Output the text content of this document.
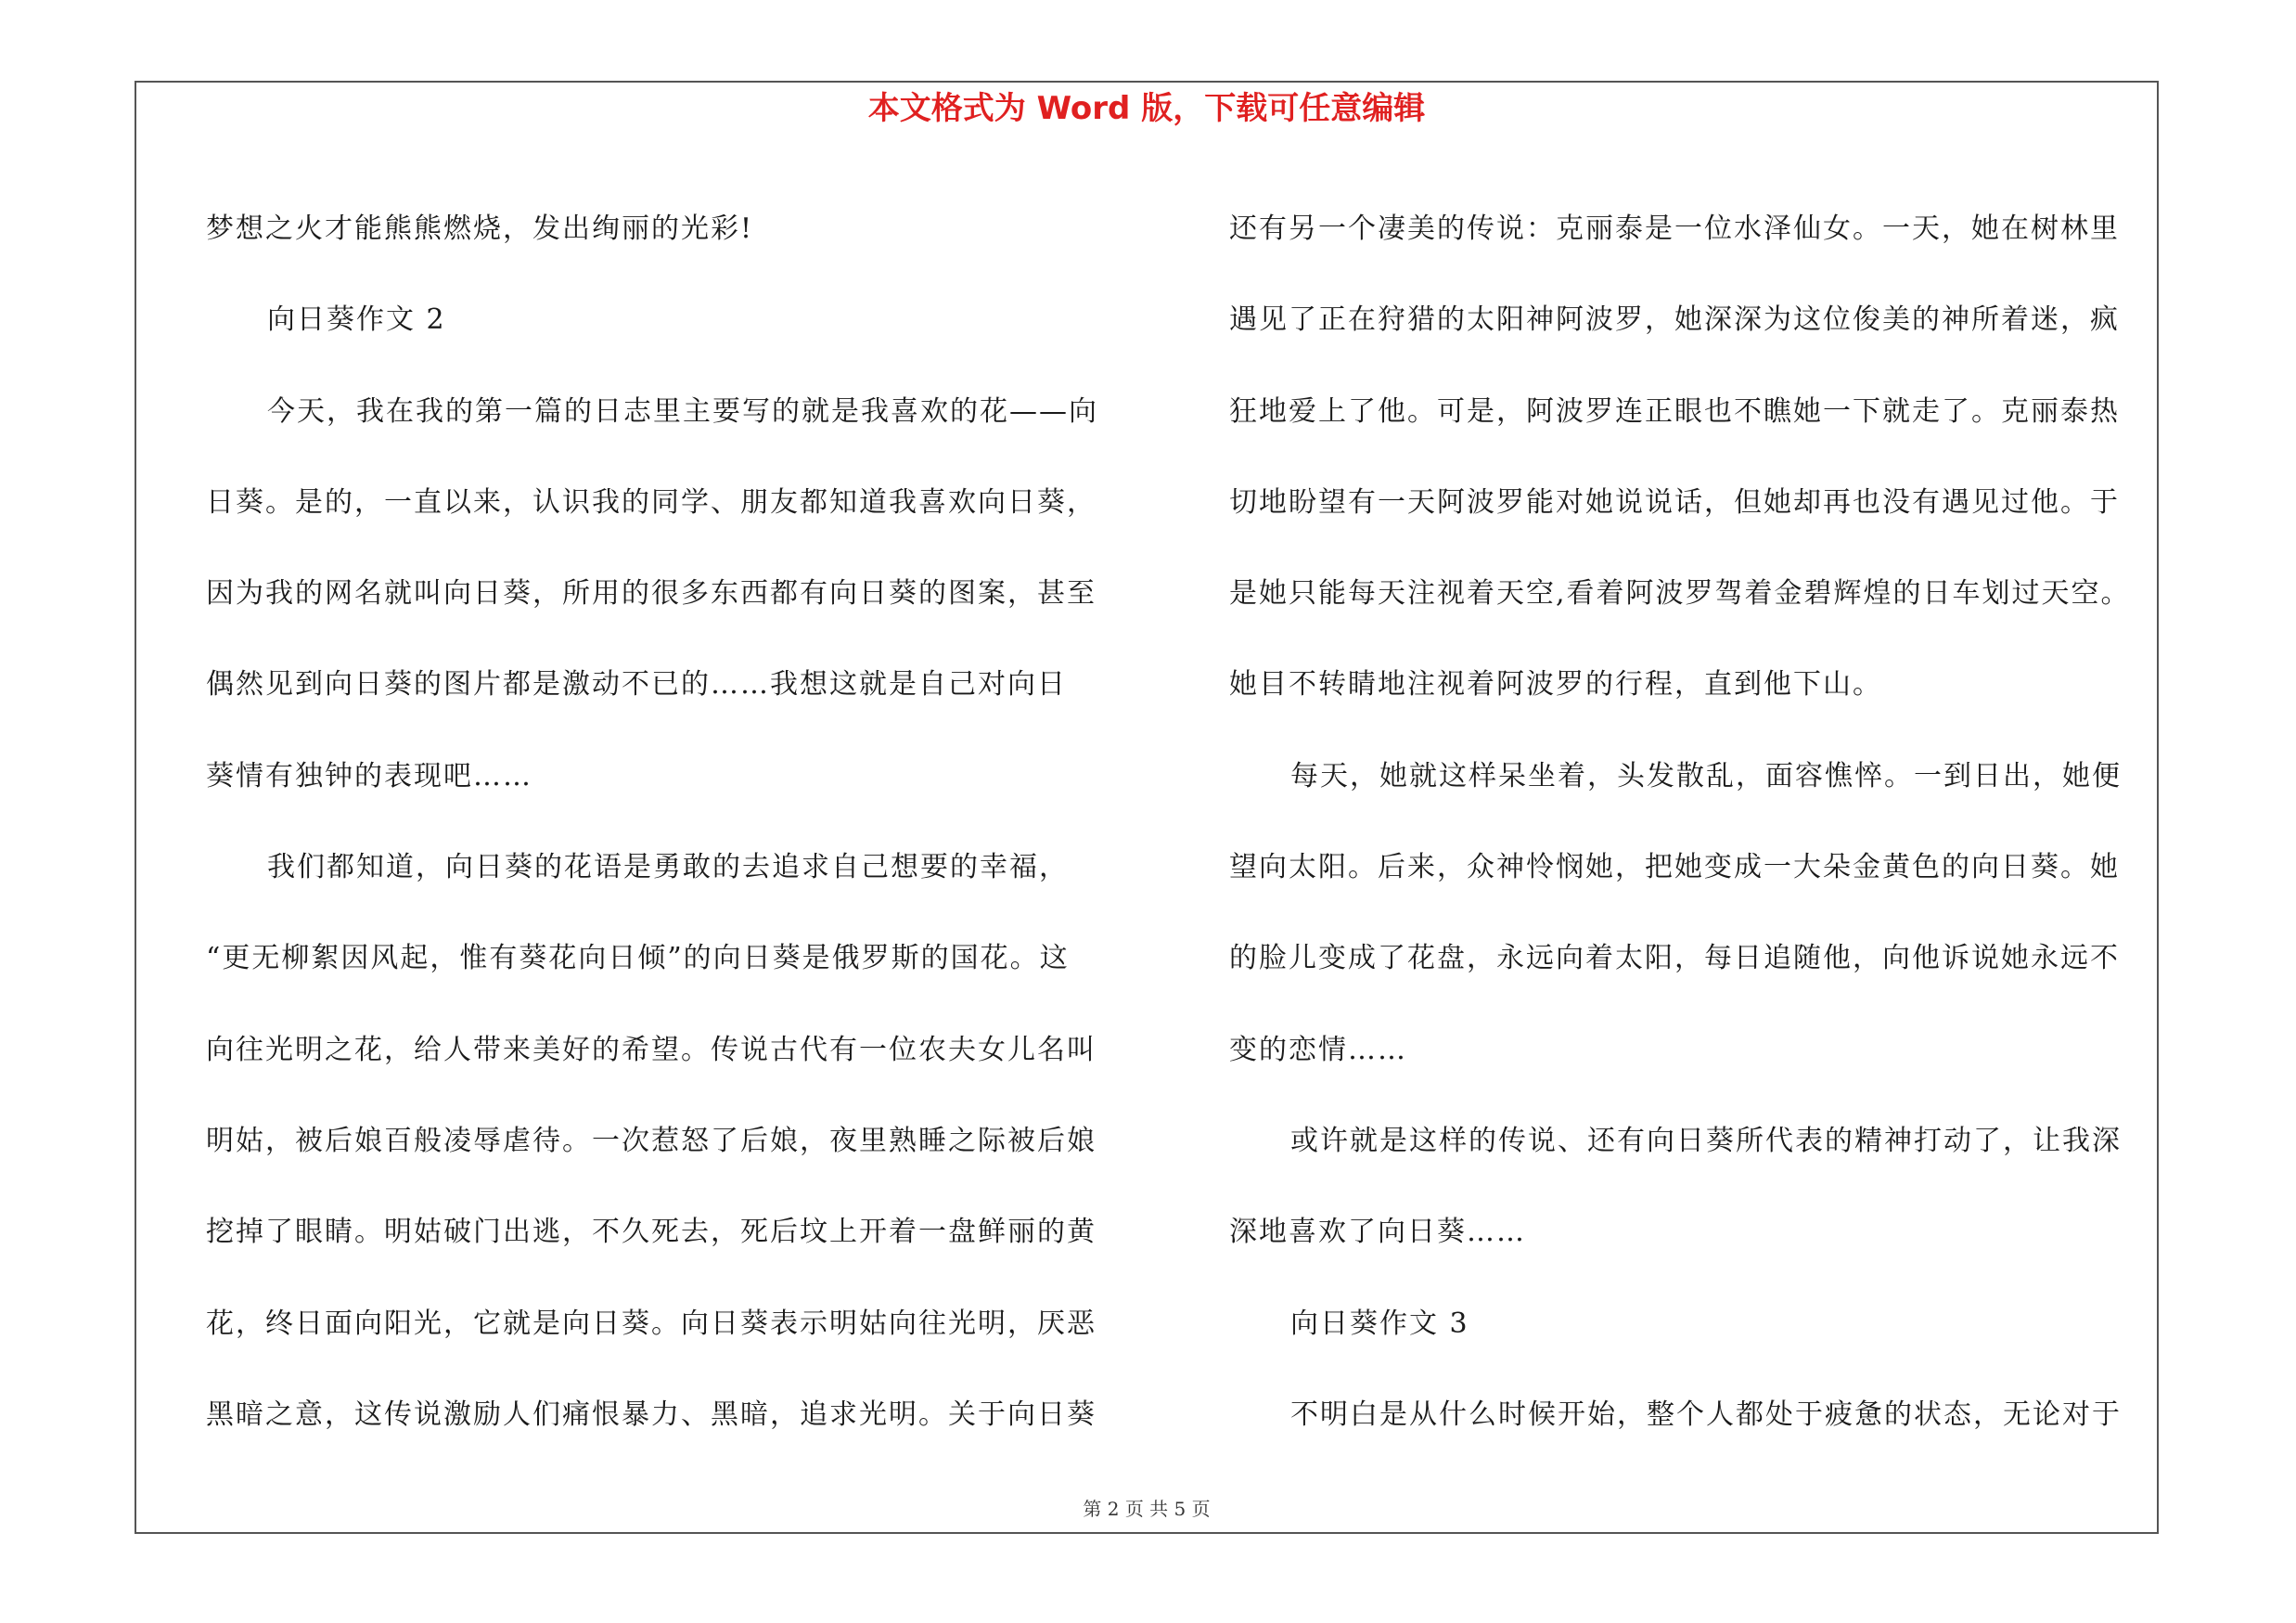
本文格式为 Word 版，下载可任意编辑
梦想之火才能熊熊燃烧，发出绚丽的光彩!
向日葵作文 2
今天，我在我的第一篇的日志里主要写的就是我喜欢的花——向
日葵。是的，一直以来，认识我的同学、朋友都知道我喜欢向日葵，
因为我的网名就叫向日葵，所用的很多东西都有向日葵的图案，甚至
偶然见到向日葵的图片都是激动不已的……我想这就是自己对向日
葵情有独钟的表现吧……
我们都知道，向日葵的花语是勇敢的去追求自己想要的幸福，
“更无柳絮因风起，惟有葵花向日倾”的向日葵是俄罗斯的国花。这
向往光明之花，给人带来美好的希望。传说古代有一位农夫女儿名叫
明姑，被后娘百般凌辱虐待。一次惹怒了后娘，夜里熟睡之际被后娘
挖掉了眼睛。明姑破门出逃，不久死去，死后坟上开着一盘鲜丽的黄
花，终日面向阳光，它就是向日葵。向日葵表示明姑向往光明，厌恶
黑暗之意，这传说激励人们痛恨暴力、黑暗，追求光明。关于向日葵
还有另一个凄美的传说：克丽泰是一位水泽仙女。一天，她在树林里
遇见了正在狩猎的太阳神阿波罗，她深深为这位俊美的神所着迷，疯
狂地爱上了他。可是，阿波罗连正眼也不瞧她一下就走了。克丽泰热
切地盼望有一天阿波罗能对她说说话，但她却再也没有遇见过他。于
是她只能每天注视着天空,看着阿波罗驾着金碧辉煌的日车划过天空。
她目不转睛地注视着阿波罗的行程，直到他下山。
每天，她就这样呆坐着，头发散乱，面容憔悴。一到日出，她便
望向太阳。后来，众神怜悯她，把她变成一大朵金黄色的向日葵。她
的脸儿变成了花盘，永远向着太阳，每日追随他，向他诉说她永远不
变的恋情……
或许就是这样的传说、还有向日葵所代表的精神打动了，让我深
深地喜欢了向日葵……
向日葵作文 3
不明白是从什么时候开始，整个人都处于疲惫的状态，无论对于
第 2 页 共 5 页
